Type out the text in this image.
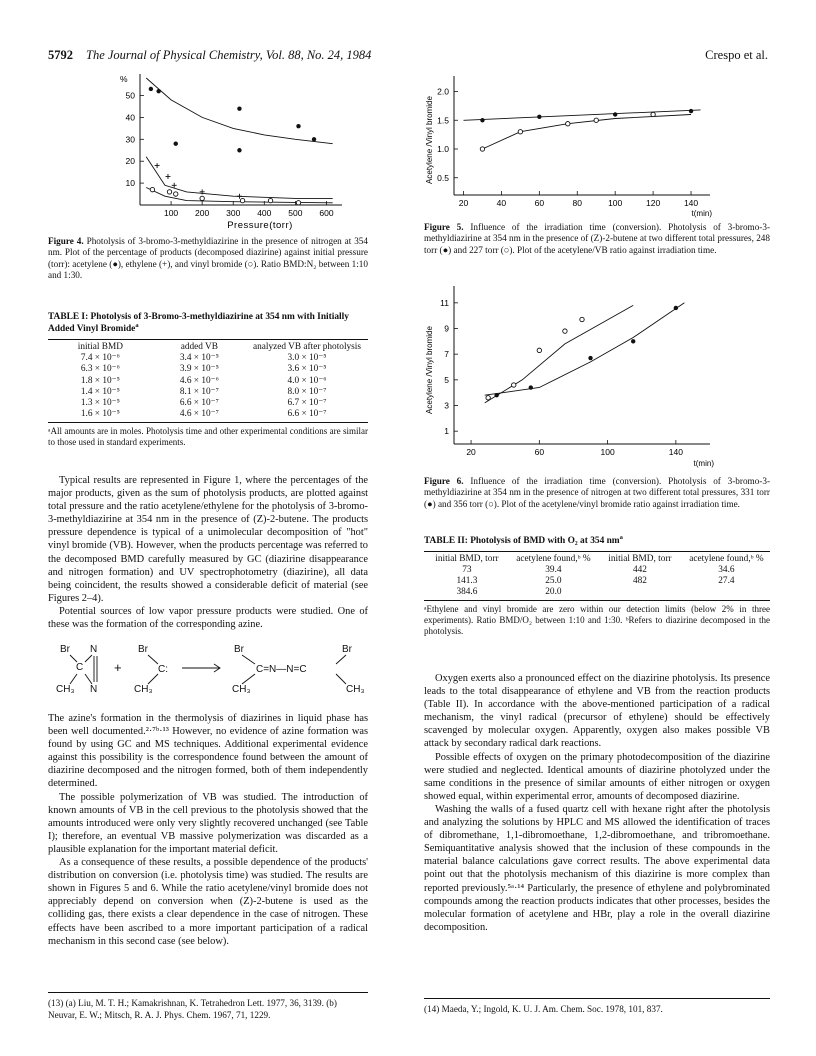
5792 The Journal of Physical Chemistry, Vol. 88, No. 24, 1984	Crespo et al.
50
40
30
20
10
100 200 300 400 500 600
%
Pressure(torr)
Figure 4. Photolysis of 3-bromo-3-methyldiazirine in the presence of nitrogen at 354 nm. Plot of the percentage of products (decomposed diazirine) against initial pressure (torr): acetylene (●), ethylene (+), and vinyl bromide (○). Ratio BMD:N₂ between 1:10 and 1:30.
TABLE I: Photolysis of 3-Bromo-3-methyldiazirine at 354 nm with Initially Added Vinyl Bromide$^a$
initial BMD	added VB	analyzed VB after photolysis
7.4 × 10⁻⁶	3.4 × 10⁻⁵	3.0 × 10⁻⁵
6.3 × 10⁻⁶	3.9 × 10⁻⁵	3.6 × 10⁻⁵
1.8 × 10⁻⁵	4.6 × 10⁻⁶	4.0 × 10⁻⁶
1.4 × 10⁻⁵	8.1 × 10⁻⁷	8.0 × 10⁻⁷
1.3 × 10⁻⁵	6.6 × 10⁻⁷	6.7 × 10⁻⁷
1.6 × 10⁻⁵	4.6 × 10⁻⁷	6.6 × 10⁻⁷
ᵃAll amounts are in moles. Photolysis time and other experimental conditions are similar to those used in standard experiments.

Typical results are represented in Figure 1, where the percentages of the major products, given as the sum of photolysis products, are plotted against total pressure and the ratio acetylene/ethylene for the photolysis of 3-bromo-3-methyldiazirine at 354 nm in the presence of (Z)-2-butene. The products pressure dependence is typical of a unimolecular decomposition of "hot" vinyl bromide (VB). However, when the products percentage was referred to the decomposed BMD carefully measured by GC (diazirine disappearance and nitrogen formation) and UV spectrophotometry (diazirine), all data being coincident, the results showed a considerable deficit of material (see Figures 2–4).

Potential sources of low vapor pressure products were studied. One of these was the formation of the corresponding azine.

Br N
C
CH₃ N
+
Br
C:
CH₃
Br
C=N—N=C
Br
CH₃	CH₃

The azine's formation in the thermolysis of diazirines in liquid phase has been well documented.²·⁷ᵇ·¹³ However, no evidence of azine formation was found by using GC and MS techniques. Additional experimental evidence against this possibility is the correspondence found between the amount of diazirine decomposed and the nitrogen formed, both of them independently determined.

The possible polymerization of VB was studied. The introduction of known amounts of VB in the cell previous to the photolysis showed that the amounts introduced were only very slightly recovered unchanged (see Table I); therefore, an eventual VB massive polymerization was discarded as a plausible explanation for the important material deficit.

As a consequence of these results, a possible dependence of the products' distribution on conversion (i.e. photolysis time) was studied. The results are shown in Figures 5 and 6. While the ratio acetylene/vinyl bromide does not appreciably depend on conversion when (Z)-2-butene is used as the colliding gas, there exists a clear dependence in the case of nitrogen. These effects have been ascribed to a more important participation of a radical mechanism in this second case (see below).

(13) (a) Liu, M. T. H.; Kamakrishnan, K. Tetrahedron Lett. 1977, 36, 3139. (b) Neuvar, E. W.; Mitsch, R. A. J. Phys. Chem. 1967, 71, 1229.
2.0
1.5
1.0
0.5
20	40	60	80	100	120	140
Acetylene /Vinyl bromide
t(min)
Figure 5. Influence of the irradiation time (conversion). Photolysis of 3-bromo-3-methyldiazirine at 354 nm in the presence of (Z)-2-butene at two different total pressures, 248 torr (●) and 227 torr (○). Plot of the acetylene/VB ratio against irradiation time.
11
9
7
5
3
1
20	60	100	140
Acetylene /Vinyl bromide
t(min)
Figure 6. Influence of the irradiation time (conversion). Photolysis of 3-bromo-3-methyldiazirine at 354 nm in the presence of nitrogen at two different total pressures, 331 torr (●) and 356 torr (○). Plot of the acetylene/vinyl bromide ratio against irradiation time.
TABLE II: Photolysis of BMD with O₂ at 354 $nm^a$
initial BMD, torr	acetylene found,ᵇ %	initial BMD, torr	acetylene found,ᵇ %
73	39.4	442	34.6
141.3	25.0	482	27.4
384.6	20.0		
ᵃEthylene and vinyl bromide are zero within our detection limits (below 2% in three experiments). Ratio BMD/O₂ between 1:10 and 1:30. ᵇRefers to diazirine decomposed in the photolysis.

Oxygen exerts also a pronounced effect on the diazirine photolysis. Its presence leads to the total disappearance of ethylene and VB from the reaction products (Table II). In accordance with the above-mentioned participation of a radical mechanism, the vinyl radical (precursor of ethylene) should be effectively scavenged by molecular oxygen. Apparently, oxygen also makes possible VB attack by secondary radical dark reactions.

Possible effects of oxygen on the primary photodecomposition of the diazirine were studied and neglected. Identical amounts of diazirine photolyzed under the same conditions in the presence of similar amounts of either nitrogen or oxygen showed equal, within experimental error, amounts of decomposed diazirine.

Washing the walls of a fused quartz cell with hexane right after the photolysis and analyzing the solutions by HPLC and MS allowed the identification of traces of dibromethane, 1,1-dibromoethane, 1,2-dibromoethane, and tribromoethane. Semiquantitative analysis showed that the inclusion of these compounds in the material balance calculations gave correct results. The above experimental data point out that the photolysis mechanism of this diazirine is more complex than reported previously.⁵ᵃ·¹⁴ Particularly, the presence of ethylene and polybrominated compounds among the reaction products indicates that other processes, besides the molecular formation of acetylene and HBr, play a role in the overall diazirine decomposition.

(14) Maeda, Y.; Ingold, K. U. J. Am. Chem. Soc. 1978, 101, 837.
